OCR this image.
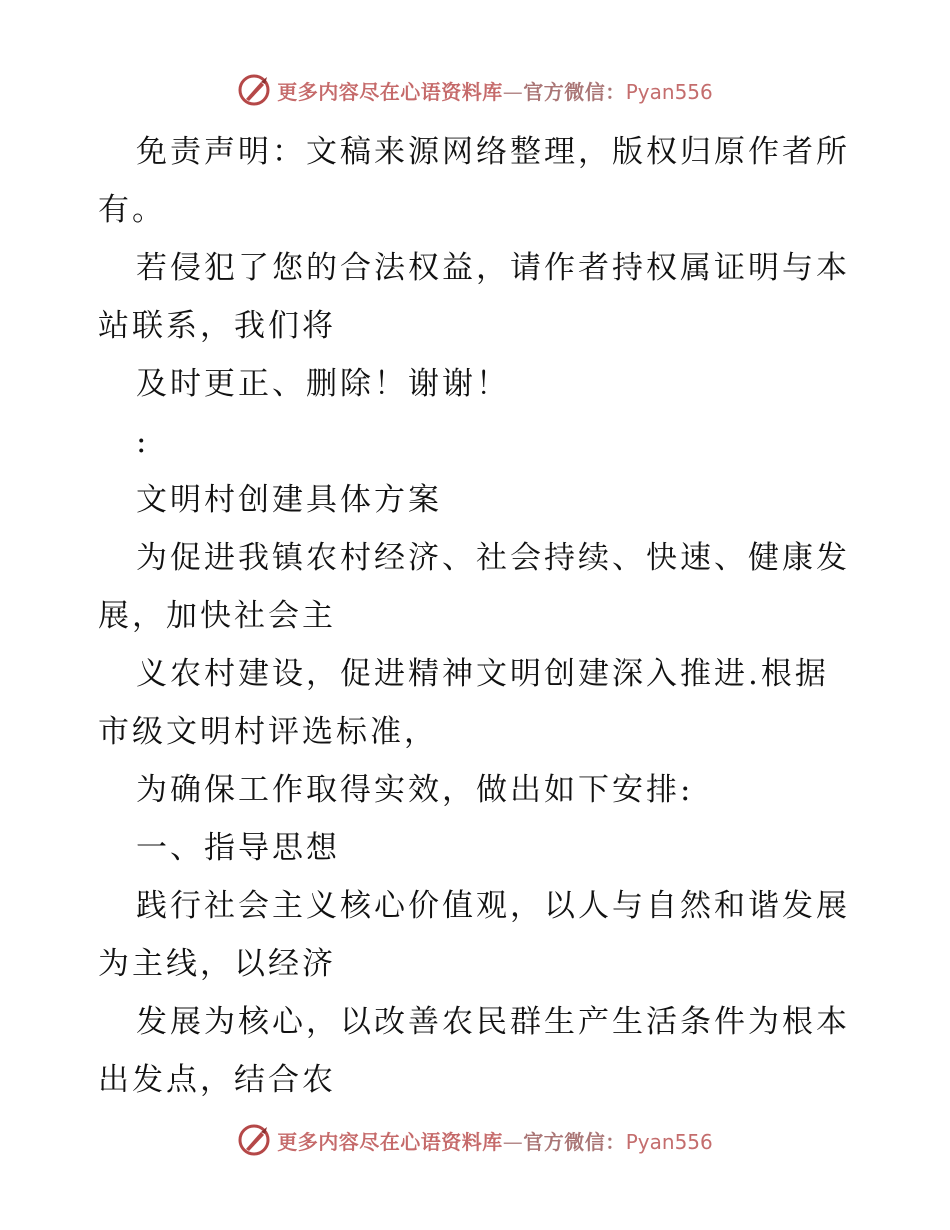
更多内容尽在心语资料库—官方微信：Pyan556
免责声明：文稿来源网络整理，版权归原作者所
有。
若侵犯了您的合法权益，请作者持权属证明与本
站联系，我们将
及时更正、删除！谢谢！
:
文明村创建具体方案
为促进我镇农村经济、社会持续、快速、健康发
展，加快社会主
义农村建设，促进精神文明创建深入推进.根据
市级文明村评选标准，
为确保工作取得实效，做出如下安排:
一、指导思想
践行社会主义核心价值观，以人与自然和谐发展
为主线，以经济
发展为核心，以改善农民群生产生活条件为根本
出发点，结合农
更多内容尽在心语资料库—官方微信：Pyan556
